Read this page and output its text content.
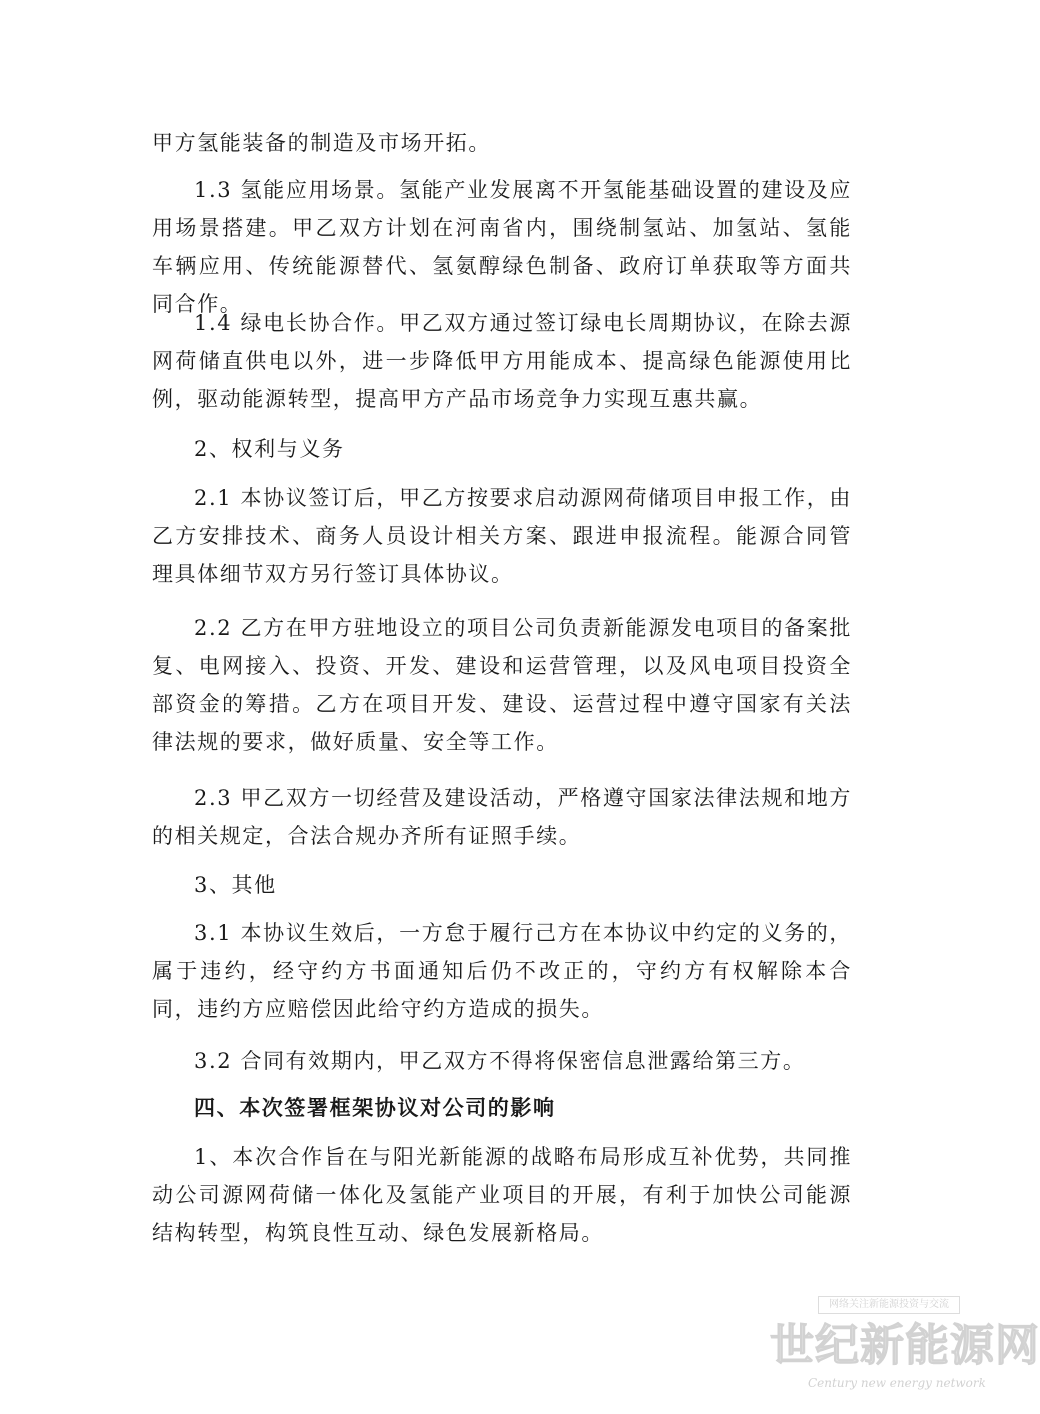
甲方氢能装备的制造及市场开拓。

1.3 氢能应用场景。氢能产业发展离不开氢能基础设置的建设及应用场景搭建。甲乙双方计划在河南省内，围绕制氢站、加氢站、氢能车辆应用、传统能源替代、氢氨醇绿色制备、政府订单获取等方面共同合作。

1.4 绿电长协合作。甲乙双方通过签订绿电长周期协议，在除去源网荷储直供电以外，进一步降低甲方用能成本、提高绿色能源使用比例，驱动能源转型，提高甲方产品市场竞争力实现互惠共赢。

2、权利与义务

2.1 本协议签订后，甲乙方按要求启动源网荷储项目申报工作，由乙方安排技术、商务人员设计相关方案、跟进申报流程。能源合同管理具体细节双方另行签订具体协议。

2.2 乙方在甲方驻地设立的项目公司负责新能源发电项目的备案批复、电网接入、投资、开发、建设和运营管理，以及风电项目投资全部资金的筹措。乙方在项目开发、建设、运营过程中遵守国家有关法律法规的要求，做好质量、安全等工作。

2.3 甲乙双方一切经营及建设活动，严格遵守国家法律法规和地方的相关规定，合法合规办齐所有证照手续。

3、其他

3.1 本协议生效后，一方怠于履行己方在本协议中约定的义务的，属于违约，经守约方书面通知后仍不改正的，守约方有权解除本合同，违约方应赔偿因此给守约方造成的损失。

3.2 合同有效期内，甲乙双方不得将保密信息泄露给第三方。

四、本次签署框架协议对公司的影响

1、本次合作旨在与阳光新能源的战略布局形成互补优势，共同推动公司源网荷储一体化及氢能产业项目的开展，有利于加快公司能源结构转型，构筑良性互动、绿色发展新格局。

网络关注新能源投资与交流
世纪新能源网
Century new energy network
